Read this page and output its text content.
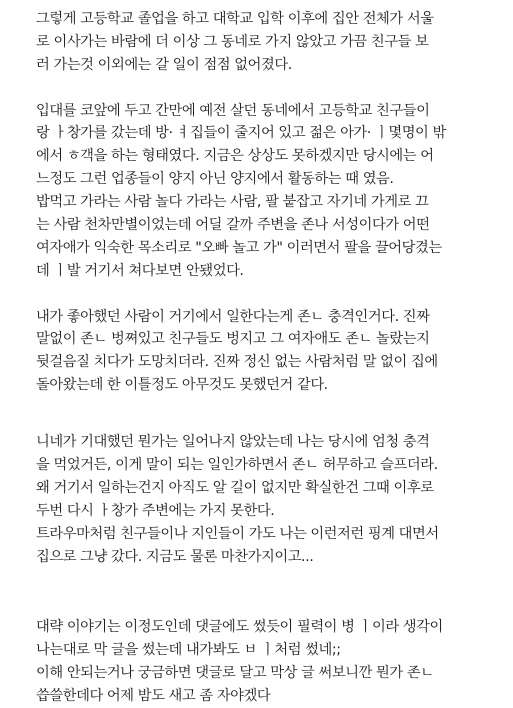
그렇게 고등학교 졸업을 하고 대학교 입학 이후에 집안 전체가 서울
로 이사가는 바람에 더 이상 그 동네로 가지 않았고 가끔 친구들 보
러 가는것 이외에는 갈 일이 점점 없어졌다.
입대를 코앞에 두고 간만에 예전 살던 동네에서 고등학교 친구들이
랑 ㅏ창가를 갔는데 방· ㅕ집들이 줄지어 있고 젊은 아가· ㅣ몇명이 밖
에서 ㅎ객을 하는 형태였다. 지금은 상상도 못하겠지만 당시에는 어
느정도 그런 업종들이 양지 아닌 양지에서 활동하는 때 였음.
밥먹고 가라는 사람 놀다 가라는 사람, 팔 붙잡고 자기네 가게로 끄
는 사람 천차만별이었는데 어딜 갈까 주변을 존나 서성이다가 어떤
여자애가 익숙한 목소리로 "오빠 놀고 가" 이러면서 팔을 끌어당겼는
데 ㅣ발 거기서 쳐다보면 안됐었다.
내가 좋아했던 사람이 거기에서 일한다는게 존ㄴ 충격인거다. 진짜
말없이 존ㄴ 벙쪄있고 친구들도 벙지고 그 여자애도 존ㄴ 놀랐는지
뒷걸음질 치다가 도망치더라. 진짜 정신 없는 사람처럼 말 없이 집에
돌아왔는데 한 이틀정도 아무것도 못했던거 같다.
니네가 기대했던 뭔가는 일어나지 않았는데 나는 당시에 엄청 충격
을 먹었거든, 이게 말이 되는 일인가하면서 존ㄴ 허무하고 슬프더라.
왜 거기서 일하는건지 아직도 알 길이 없지만 확실한건 그때 이후로
두번 다시 ㅏ창가 주변에는 가지 못한다.
트라우마처럼 친구들이나 지인들이 가도 나는 이런저런 핑계 대면서
집으로 그냥 갔다. 지금도 물론 마찬가지이고...
대략 이야기는 이정도인데 댓글에도 썼듯이 필력이 병 ㅣ이라 생각이
나는대로 막 글을 썼는데 내가봐도 ㅂ ㅣ처럼 썼네;;
이해 안되는거나 궁금하면 댓글로 달고 막상 글 써보니깐 뭔가 존ㄴ
씁쓸한데다 어제 밤도 새고 좀 자야겠다
